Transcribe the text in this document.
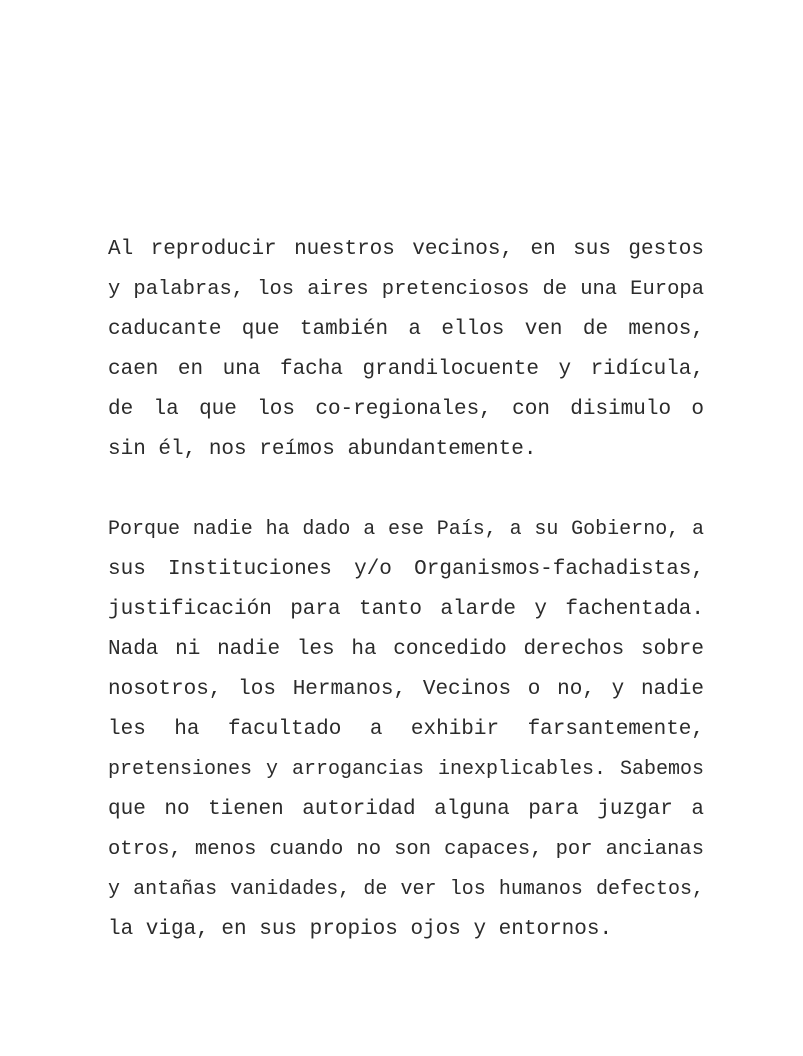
Al reproducir nuestros vecinos, en sus gestos
y palabras, los aires pretenciosos de una Europa
caducante que también a ellos ven de menos,
caen en una facha grandilocuente y ridícula,
de la que los co-regionales, con disimulo o
sin él, nos reímos abundantemente.
Porque nadie ha dado a ese País, a su Gobierno, a
sus Instituciones y/o Organismos-fachadistas,
justificación para tanto alarde y fachentada.
Nada ni nadie les ha concedido derechos sobre
nosotros, los Hermanos, Vecinos o no, y nadie
les ha facultado a exhibir farsantemente,
pretensiones y arrogancias inexplicables. Sabemos
que no tienen autoridad alguna para juzgar a
otros, menos cuando no son capaces, por ancianas
y antañas vanidades, de ver los humanos defectos,
la viga, en sus propios ojos y entornos.
